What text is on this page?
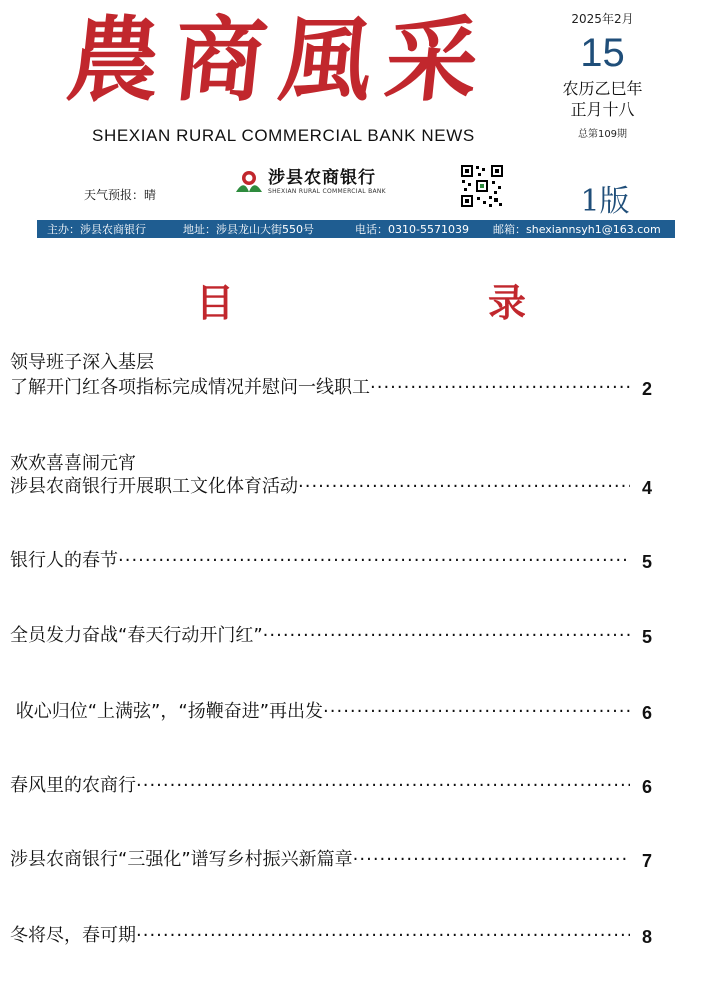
農商風采
SHEXIAN RURAL COMMERCIAL BANK NEWS
2025年2月
15
农历乙巳年
正月十八
总第109期
1版
天气预报：晴
涉县农商银行
SHEXIAN RURAL COMMERCIAL BANK
主办：涉县农商银行	地址：涉县龙山大街550号	电话：0310-5571039 邮箱：shexiannsyh1@163.com
目	录
领导班子深入基层
了解开门红各项指标完成情况并慰问一线职工 ·····	2
欢欢喜喜闹元宵
涉县农商银行开展职工文化体育活动 ·····	4
银行人的春节 ·····	5
全员发力奋战“春天行动开门红” ·····	5
收心归位“上满弦”，“扬鞭奋进”再出发 ·····	6
春风里的农商行 ·····	6
涉县农商银行“三强化”谱写乡村振兴新篇章 ·····	7
冬将尽，春可期 ·····	8
